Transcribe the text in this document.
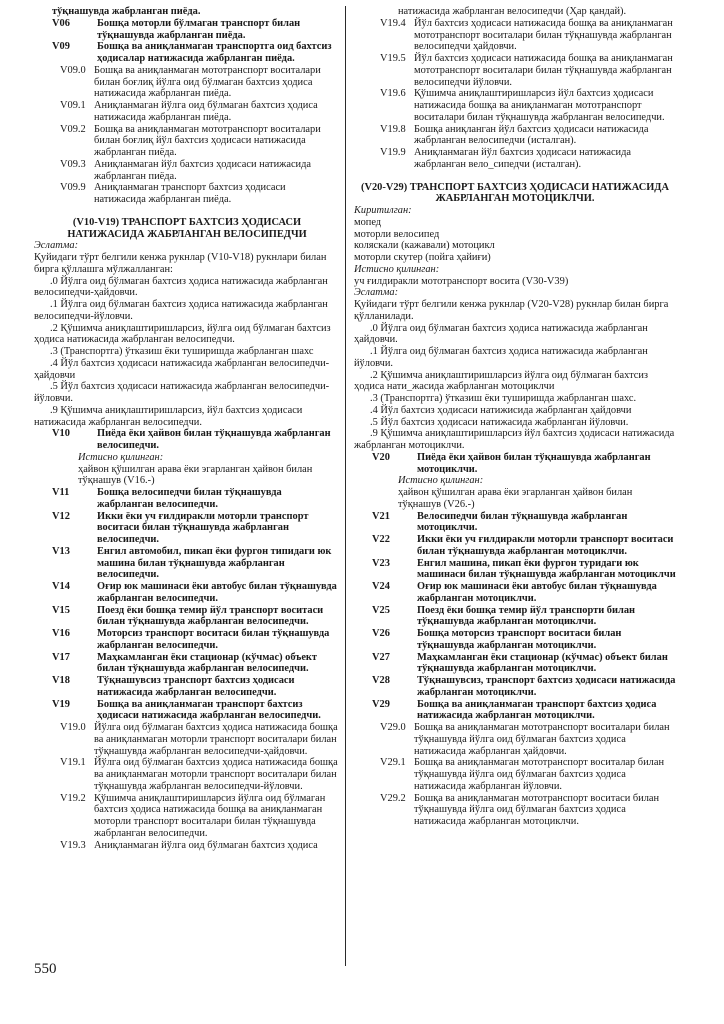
тўқнашувда жабрланган пиёда.
V06	Бошқа моторли бўлмаган транспорт билан тўқнашувда жабрланган пиёда.
V09	Бошқа ва аниқланмаган транспортга оид бахтсиз ҳодисалар натижасида жабрланган пиёда.
V09.0 Бошқа ва аниқланмаган мототранспорт воситалари билан боғлиқ йўлга оид бўлмаган бахтсиз ҳодиса натижасида жабрланган пиёда.
V09.1 Аниқланмаган йўлга оид бўлмаган бахтсиз ҳодиса натижасида жабрланган пиёда.
V09.2 Бошқа ва аниқланмаган мототранспорт воситалари билан боғлиқ йўл бахтсиз ҳодисаси натижасида жабрланган пиёда.
V09.3 Аниқланмаган йўл бахтсиз ҳодисаси натижасида жабрланган пиёда.
V09.9 Аниқланмаган транспорт бахтсиз ҳодисаси натижасида жабрланган пиёда.
(V10-V19) ТРАНСПОРТ БАХТСИЗ ҲОДИСАСИ НАТИЖАСИДА ЖАБРЛАНГАН ВЕЛОСИПЕДЧИ
Эслатма:
Қуйидаги тўрт белгили кенжа рукнлар (V10-V18) рукнлари билан бирга қўллашга мўлжалланган:
.0 Йўлга оид бўлмаган бахтсиз ҳодиса натижасида жабрланган велосипедчи-ҳайдовчи.
.1 Йўлга оид бўлмаган бахтсиз ҳодиса натижасида жабрланган велосипедчи-йўловчи.
.2 Қўшимча аниқлаштиришларсиз, йўлга оид бўлмаган бахтсиз ҳодиса натижасида жабрланган велосипедчи.
.3 (Транспортга) ўтказиш ёки туширишда жабрланган шахс
.4 Йўл бахтсиз ҳодисаси натижасида жабрланган велосипедчи-ҳайдовчи
.5 Йўл бахтсиз ҳодисаси натижасида жабрланган велосипедчи-йўловчи.
.9 Қўшимча аниқлаштиришларсиз, йўл бахтсиз ҳодисаси натижасида жабрланган велосипедчи.
V10	Пиёда ёки ҳайвон билан тўқнашувда жабрланган велосипедчи.
Истисно қилинган:
ҳайвон қўшилган арава ёки эгарланган ҳайвон билан тўқнашув (V16.-)
V11	Бошқа велосипедчи билан тўқнашувда жабрланган велосипедчи.
V12	Икки ёки уч ғилдиракли моторли транспорт воситаси билан тўқнашувда жабрланган велосипедчи.
V13	Енгил автомобил, пикап ёки фургон типидаги юк машина билан тўқнашувда жабрланган велосипедчи.
V14	Оғир юк машинаси ёки автобус билан тўқнашувда жабрланган велосипедчи.
V15	Поезд ёки бошқа темир йўл транспорт воситаси билан тўқнашувда жабрланган велосипедчи.
V16	Моторсиз транспорт воситаси билан тўқнашувда жабрланган велосипедчи.
V17	Маҳкамланган ёки стационар (кўчмас) объект билан тўқнашувда жабрланган велосипедчи.
V18	Тўқнашувсиз транспорт бахтсиз ҳодисаси натижасида жабрланган велосипедчи.
V19	Бошқа ва аниқланмаган транспорт бахтсиз ҳодисаси натижасида жабрланган велосипедчи.
V19.0 Йўлга оид бўлмаган бахтсиз ҳодиса натижасида бошқа ва аниқланмаган моторли транспорт воситалари билан тўқнашувда жабрланган велосипедчи-ҳайдовчи.
V19.1 Йўлга оид бўлмаган бахтсиз ҳодиса натижасида бошқа ва аниқланмаган моторли транспорт воситалари билан тўқнашувда жабрланган велосипедчи-йўловчи.
V19.2 Қўшимча аниқлаштиришларсиз йўлга оид бўлмаган бахтсиз ҳодиса натижасида бошқа ва аниқланмаган моторли транспорт воситалари билан тўқнашувда жабрланган велосипедчи.
V19.3 Аниқланмаган йўлга оид бўлмаган бахтсиз ҳодиса
натижасида жабрланган велосипедчи (Ҳар қандай).
V19.4 Йўл бахтсиз ҳодисаси натижасида бошқа ва аниқланмаган мототранспорт воситалари билан тўқнашувда жабрланган велосипедчи ҳайдовчи.
V19.5 Йўл бахтсиз ҳодисаси натижасида бошқа ва аниқланмаган мототранспорт воситалари билан тўқнашувда жабрланган велосипедчи йўловчи.
V19.6 Қўшимча аниқлаштиришларсиз йўл бахтсиз ҳодисаси натижасида бошқа ва аниқланмаган мототранспорт воситалари билан тўқнашувда жабрланган велосипедчи.
V19.8 Бошқа аниқланган йўл бахтсиз ҳодисаси натижасида жабрланган велосипедчи (исталган).
V19.9 Аниқланмаган йўл бахтсиз ҳодисаси натижасида жабрланган вело_сипедчи (исталган).
(V20-V29) ТРАНСПОРТ БАХТСИЗ ҲОДИСАСИ НАТИЖАСИДА ЖАБРЛАНГАН МОТОЦИКЛЧИ.
Киритилган:
мопед
моторли велосипед
коляскали (кажавали) мотоцикл
моторли скутер (пойга ҳайиғи)
Истисно қилинган:
уч ғилдиракли мототранспорт восита (V30-V39)
Эслатма:
Қуйидаги тўрт белгили кенжа рукнлар (V20-V28) рукнлар билан бирга қўлланилади.
.0 Йўлга оид бўлмаган бахтсиз ҳодиса натижасида жабрланган ҳайдовчи.
.1 Йўлга оид бўлмаган бахтсиз ҳодиса натижасида жабрланган йўловчи.
.2 Қўшимча аниқлаштиришларсиз йўлга оид бўлмаган бахтсиз ҳодиса нати_жасида жабрланган мотоциклчи
.3 (Транспортга) ўтказиш ёки туширишда жабрланган шахс.
.4 Йўл бахтсиз ҳодисаси натижисида жабрланган ҳайдовчи
.5 Йўл бахтсиз ҳодисаси натижасида жабрланган йўловчи.
.9 Қўшимча аниқлаштиришларсиз йўл бахтсиз ҳодисаси натижасида жабрланган мотоциклчи.
V20	Пиёда ёки ҳайвон билан тўқнашувда жабрланган мотоциклчи.
Истисно қилинган:
ҳайвон қўшилган арава ёки эгарланган ҳайвон билан тўқнашув (V26.-)
V21	Велосипедчи билан тўқнашувда жабрланган мотоциклчи.
V22	Икки ёки уч ғилдиракли моторли транспорт воситаси билан тўқнашувда жабрланган мотоциклчи.
V23	Енгил машина, пикап ёки фургон туридаги юк машинаси билан тўқнашувда жабрланган мотоциклчи
V24	Оғир юк машинаси ёки автобус билан тўқнашувда жабрланган мотоциклчи.
V25	Поезд ёки бошқа темир йўл транспорти билан тўқнашувда жабрланган мотоциклчи.
V26	Бошқа моторсиз транспорт воситаси билан тўқнашувда жабрланган мотоциклчи.
V27	Маҳкамланган ёки стационар (кўчмас) объект билан тўқнашувда жабрланган мотоциклчи.
V28	Тўқнашувсиз, транспорт бахтсиз ҳодисаси натижасида жабрланган мотоциклчи.
V29	Бошқа ва аниқланмаган транспорт бахтсиз ҳодиса натижасида жабрланган мотоциклчи.
V29.0 Бошқа ва аниқланмаган мототранспорт воситалари билан тўқнашувда йўлга оид бўлмаган бахтсиз ҳодиса натижасида жабрланган ҳайдовчи.
V29.1 Бошқа ва аниқланмаган мототранспорт воситалар билан тўқнашувда йўлга оид бўлмаган бахтсиз ҳодиса натижасида жабрланган йўловчи.
V29.2 Бошқа ва аниқланмаган мототранспорт воситаси билан тўқнашувда йўлга оид бўлмаган бахтсиз ҳодиса натижасида жабрланган мотоциклчи.
550
